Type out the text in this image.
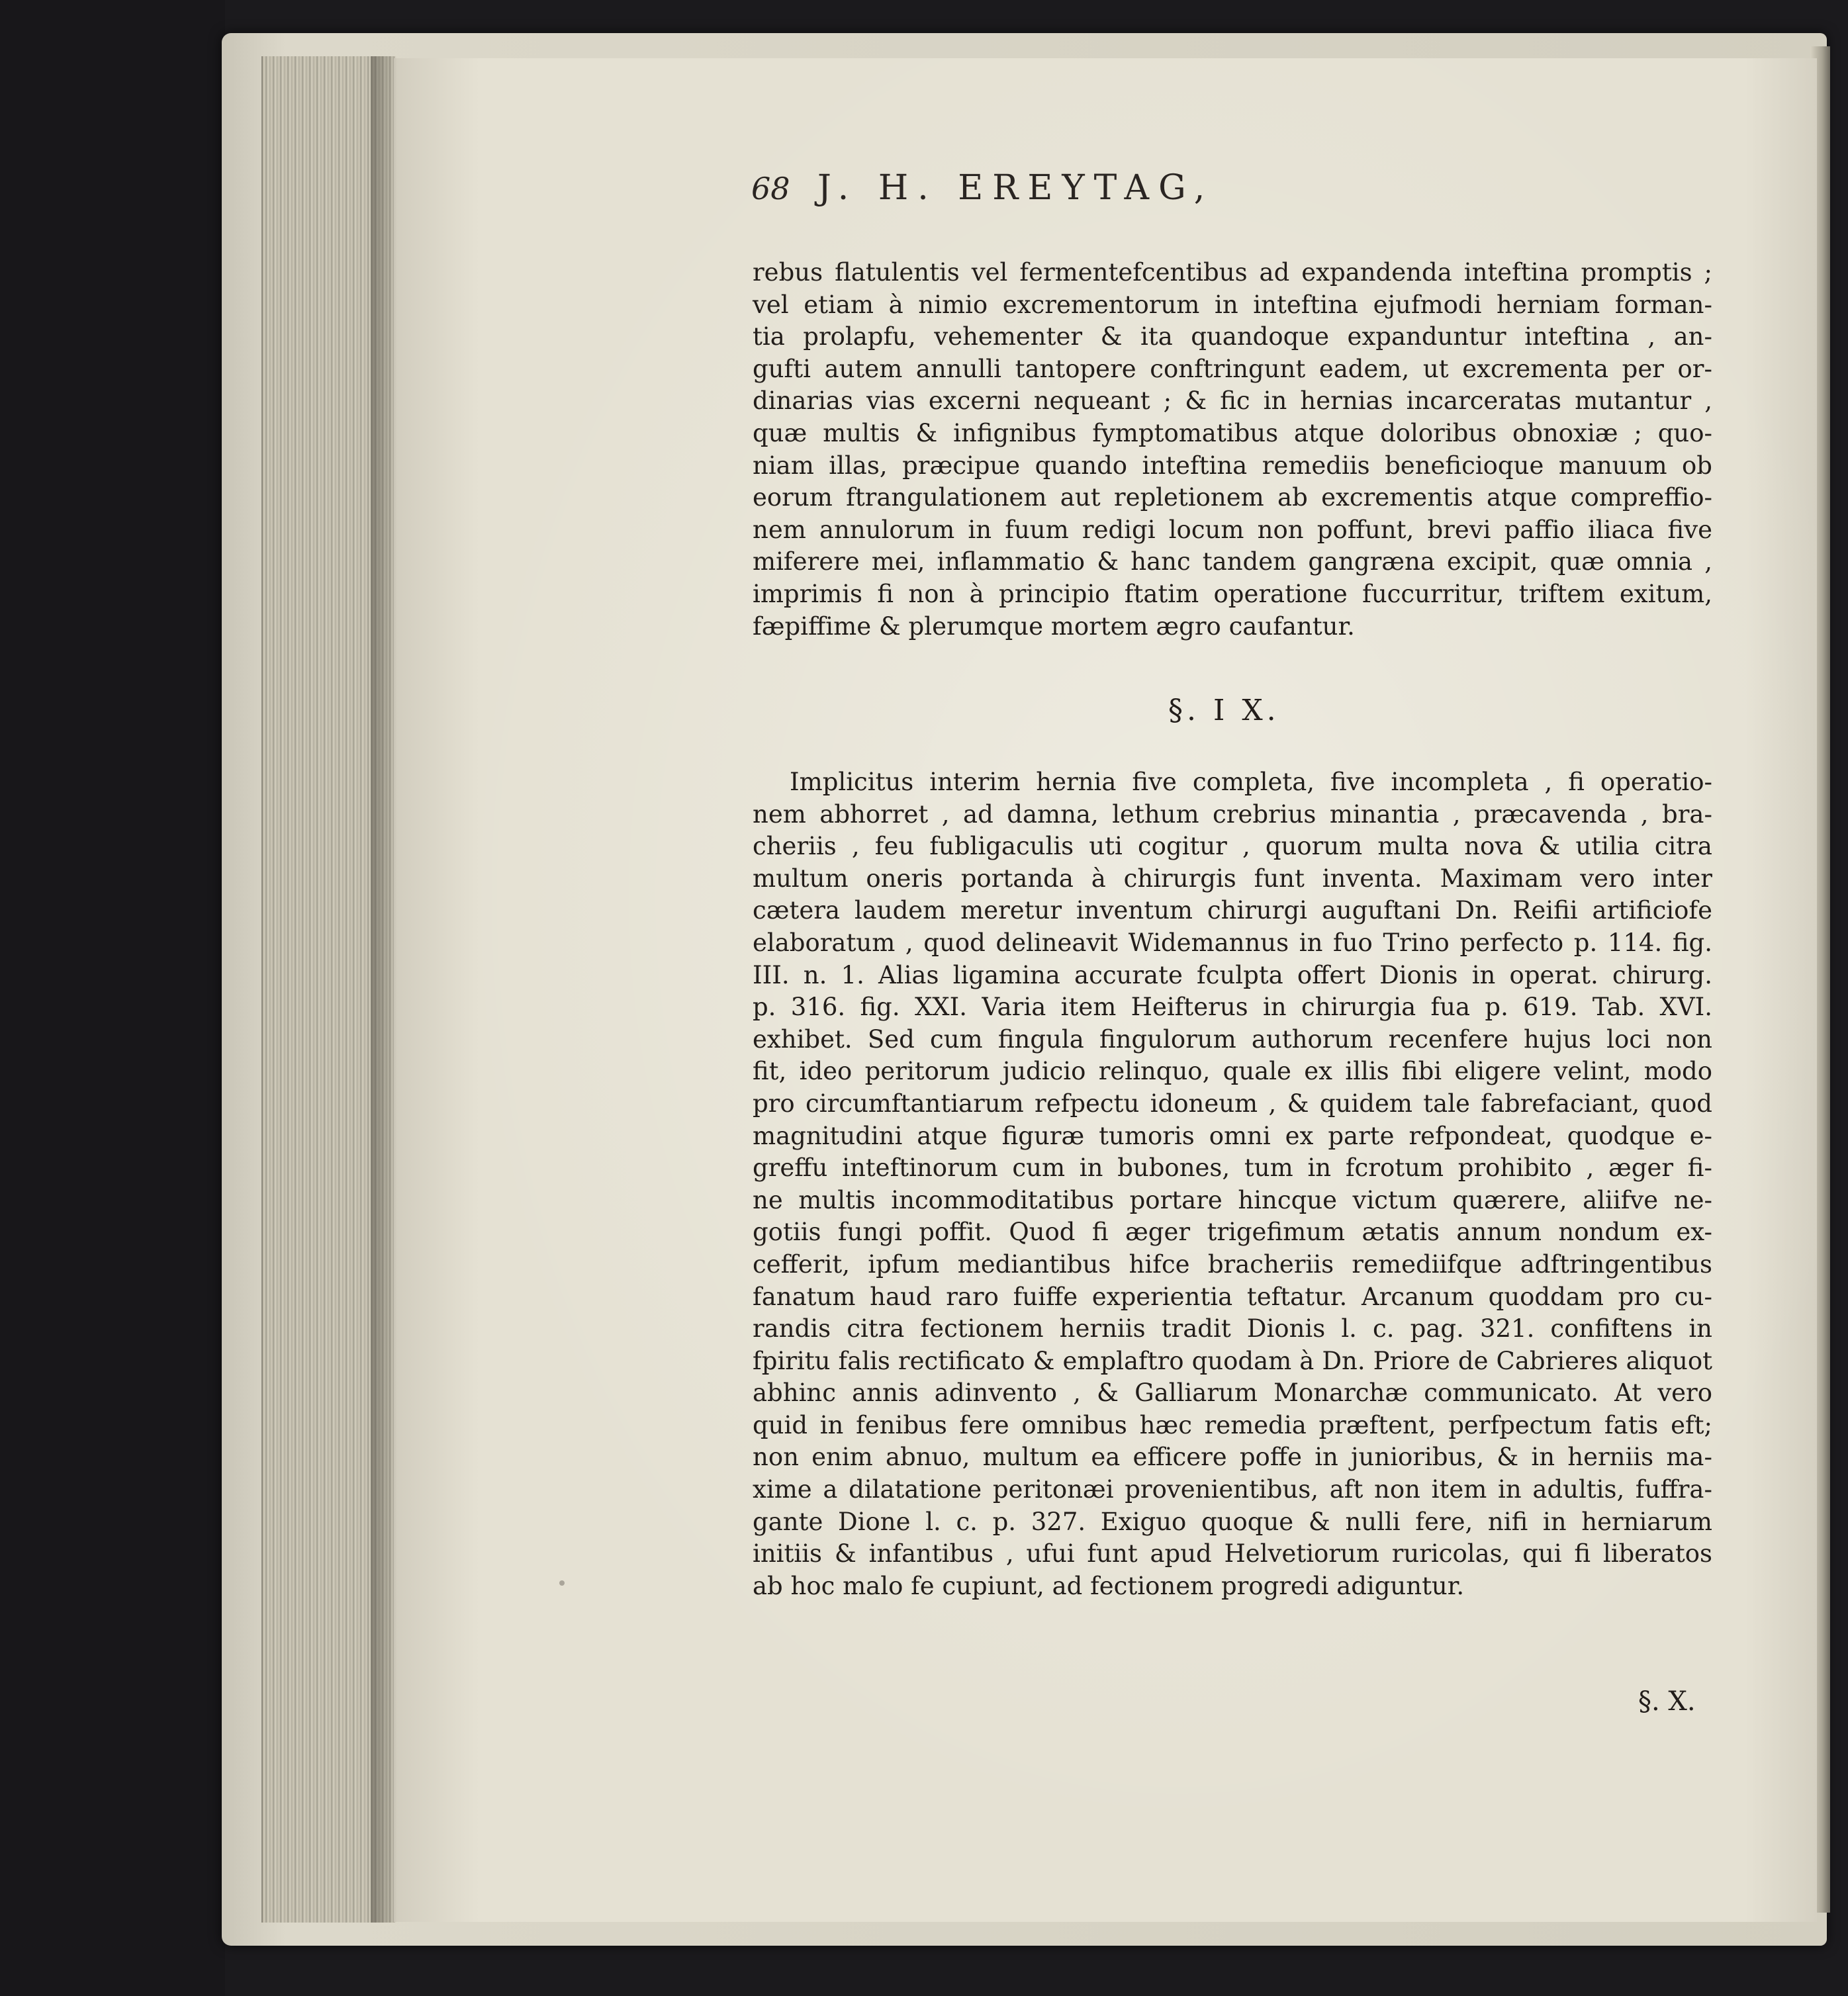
68 J. H. EREYTAG,
rebus flatulentis vel fermentefcentibus ad expandenda inteftina promptis ;
vel etiam à nimio excrementorum in inteftina ejufmodi herniam forman-
tia prolapfu, vehementer & ita quandoque expanduntur inteftina , an-
gufti autem annulli tantopere conftringunt eadem, ut excrementa per or-
dinarias vias excerni nequeant ; & fic in hernias incarceratas mutantur ,
quæ multis & infignibus fymptomatibus atque doloribus obnoxiæ ; quo-
niam illas, præcipue quando inteftina remediis beneficioque manuum ob
eorum ftrangulationem aut repletionem ab excrementis atque compreffio-
nem annulorum in fuum redigi locum non poffunt, brevi paffio iliaca five
miferere mei, inflammatio & hanc tandem gangræna excipit, quæ omnia ,
imprimis fi non à principio ftatim operatione fuccurritur, triftem exitum,
fæpiffime & plerumque mortem ægro caufantur.
§. I X.
Implicitus interim hernia five completa, five incompleta , fi operatio-
nem abhorret , ad damna, lethum crebrius minantia , præcavenda , bra-
cheriis , feu fubligaculis uti cogitur , quorum multa nova & utilia citra
multum oneris portanda à chirurgis funt inventa. Maximam vero inter
cætera laudem meretur inventum chirurgi auguftani Dn. Reifii artificiofe
elaboratum , quod delineavit Widemannus in fuo Trino perfecto p. 114. fig.
III. n. 1. Alias ligamina accurate fculpta offert Dionis in operat. chirurg.
p. 316. fig. XXI. Varia item Heifterus in chirurgia fua p. 619. Tab. XVI.
exhibet. Sed cum fingula fingulorum authorum recenfere hujus loci non
fit, ideo peritorum judicio relinquo, quale ex illis fibi eligere velint, modo
pro circumftantiarum refpectu idoneum , & quidem tale fabrefaciant, quod
magnitudini atque figuræ tumoris omni ex parte refpondeat, quodque e-
greffu inteftinorum cum in bubones, tum in fcrotum prohibito , æger fi-
ne multis incommoditatibus portare hincque victum quærere, aliifve ne-
gotiis fungi poffit. Quod fi æger trigefimum ætatis annum nondum ex-
cefferit, ipfum mediantibus hifce bracheriis remediifque adftringentibus
fanatum haud raro fuiffe experientia teftatur. Arcanum quoddam pro cu-
randis citra fectionem herniis tradit Dionis l. c. pag. 321. confiftens in
fpiritu falis rectificato & emplaftro quodam à Dn. Priore de Cabrieres aliquot
abhinc annis adinvento , & Galliarum Monarchæ communicato. At vero
quid in fenibus fere omnibus hæc remedia præftent, perfpectum fatis eft;
non enim abnuo, multum ea efficere poffe in junioribus, & in herniis ma-
xime a dilatatione peritonæi provenientibus, aft non item in adultis, fuffra-
gante Dione l. c. p. 327. Exiguo quoque & nulli fere, nifi in herniarum
initiis & infantibus , ufui funt apud Helvetiorum ruricolas, qui fi liberatos
ab hoc malo fe cupiunt, ad fectionem progredi adiguntur.
§. X.
